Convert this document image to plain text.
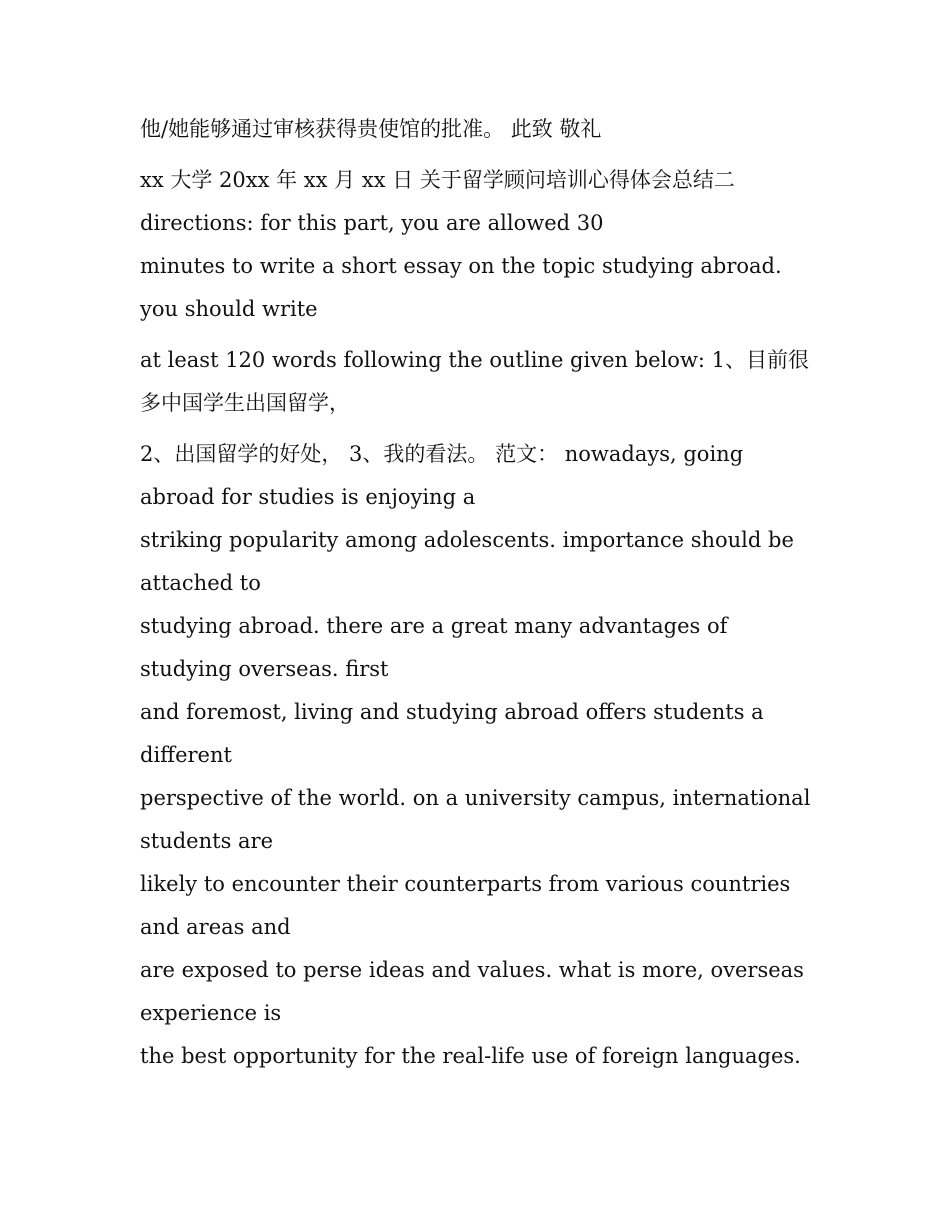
他/她能够通过审核获得贵使馆的批准。 此致 敬礼

xx 大学 20xx 年 xx 月 xx 日 关于留学顾问培训心得体会总结二 directions: for this part, you are allowed 30

minutes to write a short essay on the topic studying abroad. you should write

at least 120 words following the outline given below: 1、目前很多中国学生出国留学，

2、出国留学的好处， 3、我的看法。 范文： nowadays, going abroad for studies is enjoying a

striking popularity among adolescents. importance should be attached to

studying abroad. there are a great many advantages of studying overseas. first

and foremost, living and studying abroad offers students a different

perspective of the world. on a university campus, international students are

likely to encounter their counterparts from various countries and areas and

are exposed to perse ideas and values. what is more, overseas experience is

the best opportunity for the real-life use of foreign languages.
